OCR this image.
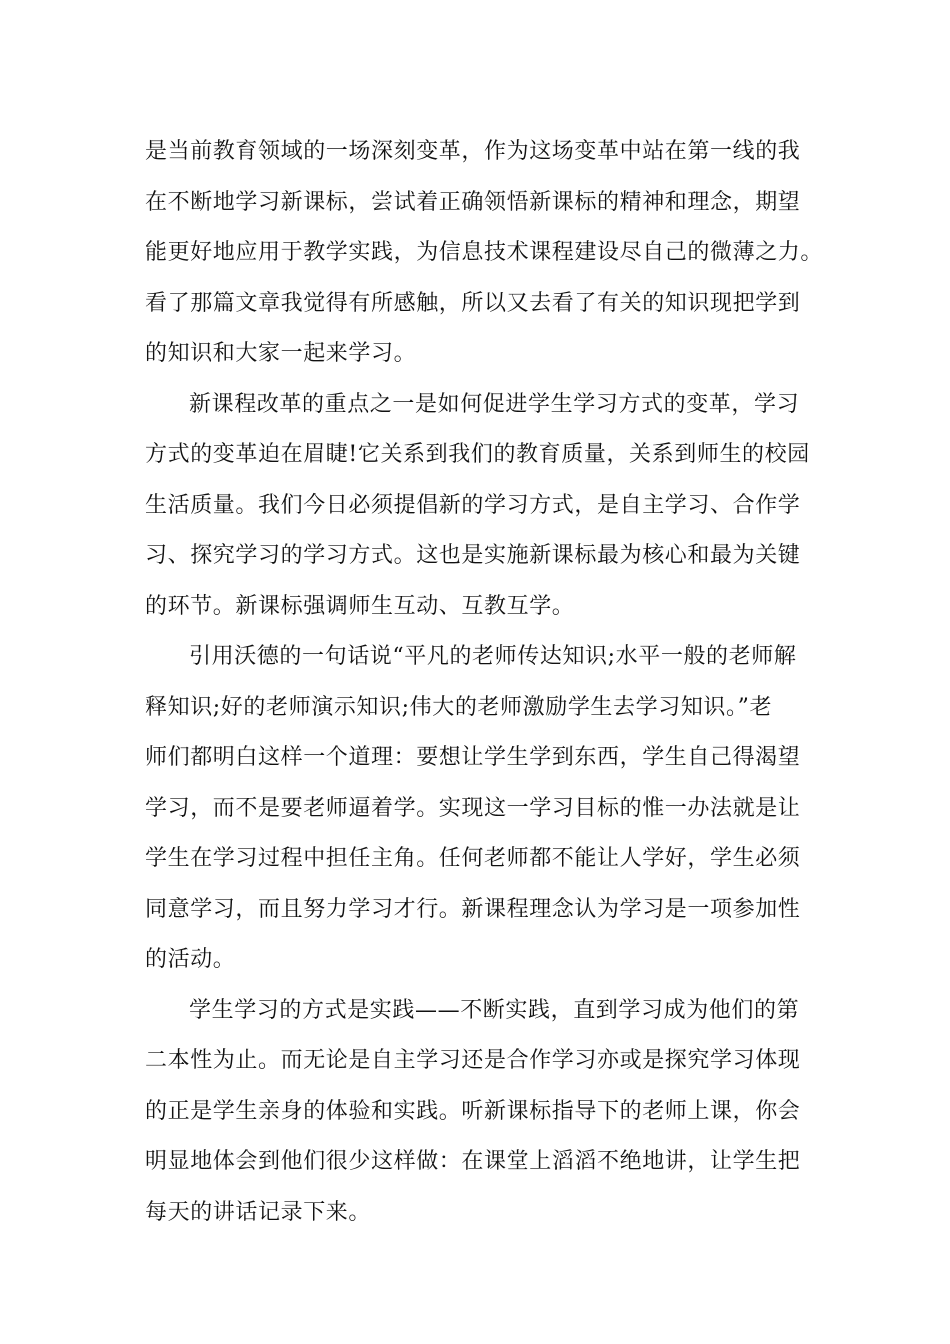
是当前教育领域的一场深刻变革，作为这场变革中站在第一线的我
在不断地学习新课标，尝试着正确领悟新课标的精神和理念，期望
能更好地应用于教学实践，为信息技术课程建设尽自己的微薄之力。
看了那篇文章我觉得有所感触，所以又去看了有关的知识现把学到
的知识和大家一起来学习。
新课程改革的重点之一是如何促进学生学习方式的变革，学习
方式的变革迫在眉睫!它关系到我们的教育质量，关系到师生的校园
生活质量。我们今日必须提倡新的学习方式，是自主学习、合作学
习、探究学习的学习方式。这也是实施新课标最为核心和最为关键
的环节。新课标强调师生互动、互教互学。
引用沃德的一句话说“平凡的老师传达知识;水平一般的老师解
释知识;好的老师演示知识;伟大的老师激励学生去学习知识。”老
师们都明白这样一个道理：要想让学生学到东西，学生自己得渴望
学习，而不是要老师逼着学。实现这一学习目标的惟一办法就是让
学生在学习过程中担任主角。任何老师都不能让人学好，学生必须
同意学习，而且努力学习才行。新课程理念认为学习是一项参加性
的活动。
学生学习的方式是实践——不断实践，直到学习成为他们的第
二本性为止。而无论是自主学习还是合作学习亦或是探究学习体现
的正是学生亲身的体验和实践。听新课标指导下的老师上课，你会
明显地体会到他们很少这样做：在课堂上滔滔不绝地讲，让学生把
每天的讲话记录下来。
